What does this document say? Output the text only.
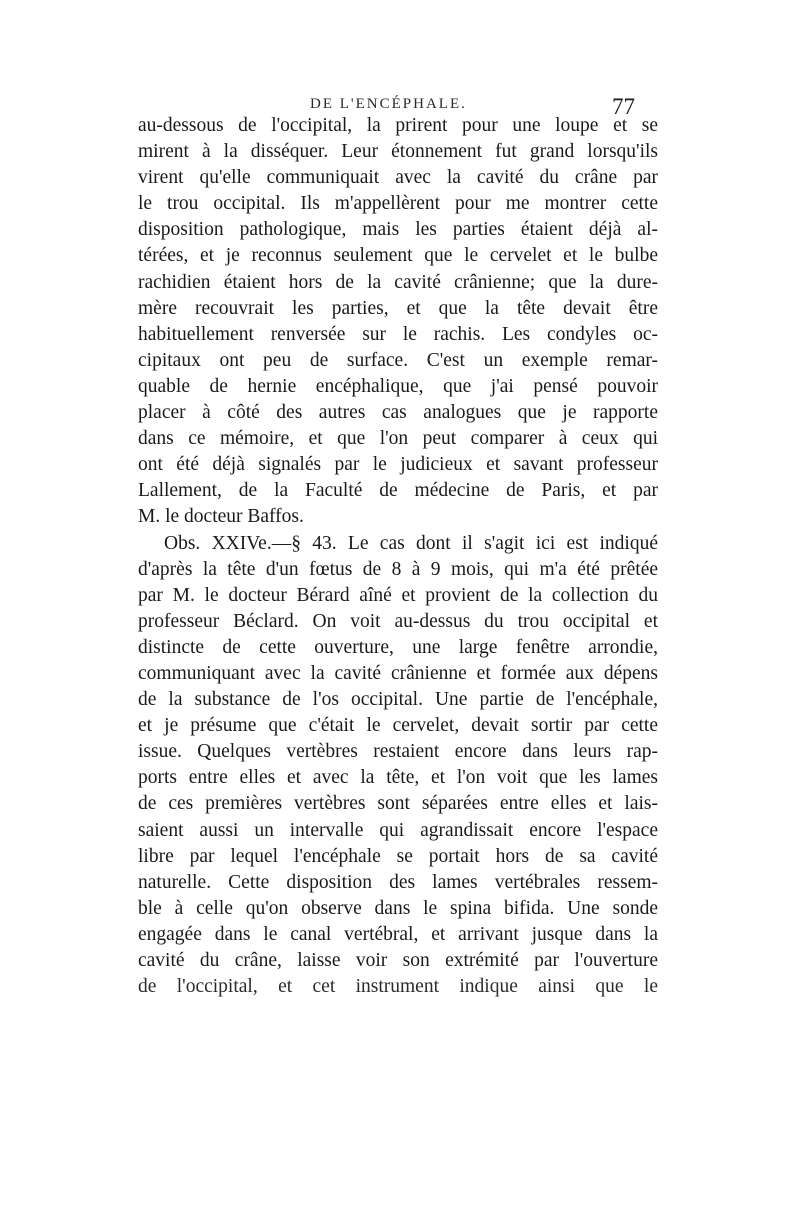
DE L'ENCÉPHALE.	77
au-dessous de l'occipital, la prirent pour une loupe et se
mirent à la disséquer. Leur étonnement fut grand lorsqu'ils
virent qu'elle communiquait avec la cavité du crâne par
le trou occipital. Ils m'appellèrent pour me montrer cette
disposition pathologique, mais les parties étaient déjà al-
térées, et je reconnus seulement que le cervelet et le bulbe
rachidien étaient hors de la cavité crânienne; que la dure-
mère recouvrait les parties, et que la tête devait être
habituellement renversée sur le rachis. Les condyles oc-
cipitaux ont peu de surface. C'est un exemple remar-
quable de hernie encéphalique, que j'ai pensé pouvoir
placer à côté des autres cas analogues que je rapporte
dans ce mémoire, et que l'on peut comparer à ceux qui
ont été déjà signalés par le judicieux et savant professeur
Lallement, de la Faculté de médecine de Paris, et par
M. le docteur Baffos.
Obs. XXIVe.—§ 43. Le cas dont il s'agit ici est indiqué
d'après la tête d'un fœtus de 8 à 9 mois, qui m'a été prêtée
par M. le docteur Bérard aîné et provient de la collection du
professeur Béclard. On voit au-dessus du trou occipital et
distincte de cette ouverture, une large fenêtre arrondie,
communiquant avec la cavité crânienne et formée aux dépens
de la substance de l'os occipital. Une partie de l'encéphale,
et je présume que c'était le cervelet, devait sortir par cette
issue. Quelques vertèbres restaient encore dans leurs rap-
ports entre elles et avec la tête, et l'on voit que les lames
de ces premières vertèbres sont séparées entre elles et lais-
saient aussi un intervalle qui agrandissait encore l'espace
libre par lequel l'encéphale se portait hors de sa cavité
naturelle. Cette disposition des lames vertébrales ressem-
ble à celle qu'on observe dans le spina bifida. Une sonde
engagée dans le canal vertébral, et arrivant jusque dans la
cavité du crâne, laisse voir son extrémité par l'ouverture
de l'occipital, et cet instrument indique ainsi que le
